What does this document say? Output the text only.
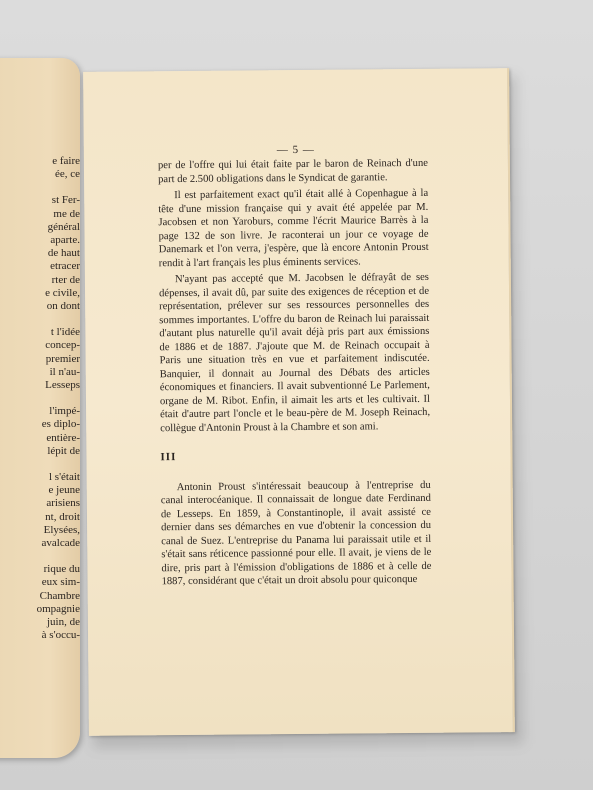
e faire
ée, ce
st Fer-
me de
général
aparte.
de haut
etracer
rter de
e civile,
on dont
t l'idée
concep-
premier
il n'au-
Lesseps
l'impé-
es diplo-
entière-
lépit de
l s'était
e jeune
arisiens
nt, droit
Elysées,
avalcade
rique du
eux sim-
Chambre
ompagnie
juin, de
à s'occu-
— 5 —

per de l'offre qui lui était faite par le baron de Reinach d'une part de 2.500 obligations dans le Syndicat de garantie.

Il est parfaitement exact qu'il était allé à Copenhague à la tête d'une mission française qui y avait été appelée par M. Jacobsen et non Yaroburs, comme l'écrit Maurice Barrès à la page 132 de son livre. Je raconterai un jour ce voyage de Danemark et l'on verra, j'espère, que là encore Antonin Proust rendit à l'art français les plus éminents services.

N'ayant pas accepté que M. Jacobsen le défrayât de ses dépenses, il avait dû, par suite des exigences de réception et de représentation, prélever sur ses ressources personnelles des sommes importantes. L'offre du baron de Reinach lui paraissait d'autant plus naturelle qu'il avait déjà pris part aux émissions de 1886 et de 1887. J'ajoute que M. de Reinach occupait à Paris une situation très en vue et parfaitement indiscutée. Banquier, il donnait au Journal des Débats des articles économiques et financiers. Il avait subventionné Le Parlement, organe de M. Ribot. Enfin, il aimait les arts et les cultivait. Il était d'autre part l'oncle et le beau-père de M. Joseph Reinach, collègue d'Antonin Proust à la Chambre et son ami.

III

Antonin Proust s'intéressait beaucoup à l'entreprise du canal interocéanique. Il connaissait de longue date Ferdinand de Lesseps. En 1859, à Constantinople, il avait assisté ce dernier dans ses démarches en vue d'obtenir la concession du canal de Suez. L'entreprise du Panama lui paraissait utile et il s'était sans réticence passionné pour elle. Il avait, je viens de le dire, pris part à l'émission d'obligations de 1886 et à celle de 1887, considérant que c'était un droit absolu pour quiconque
